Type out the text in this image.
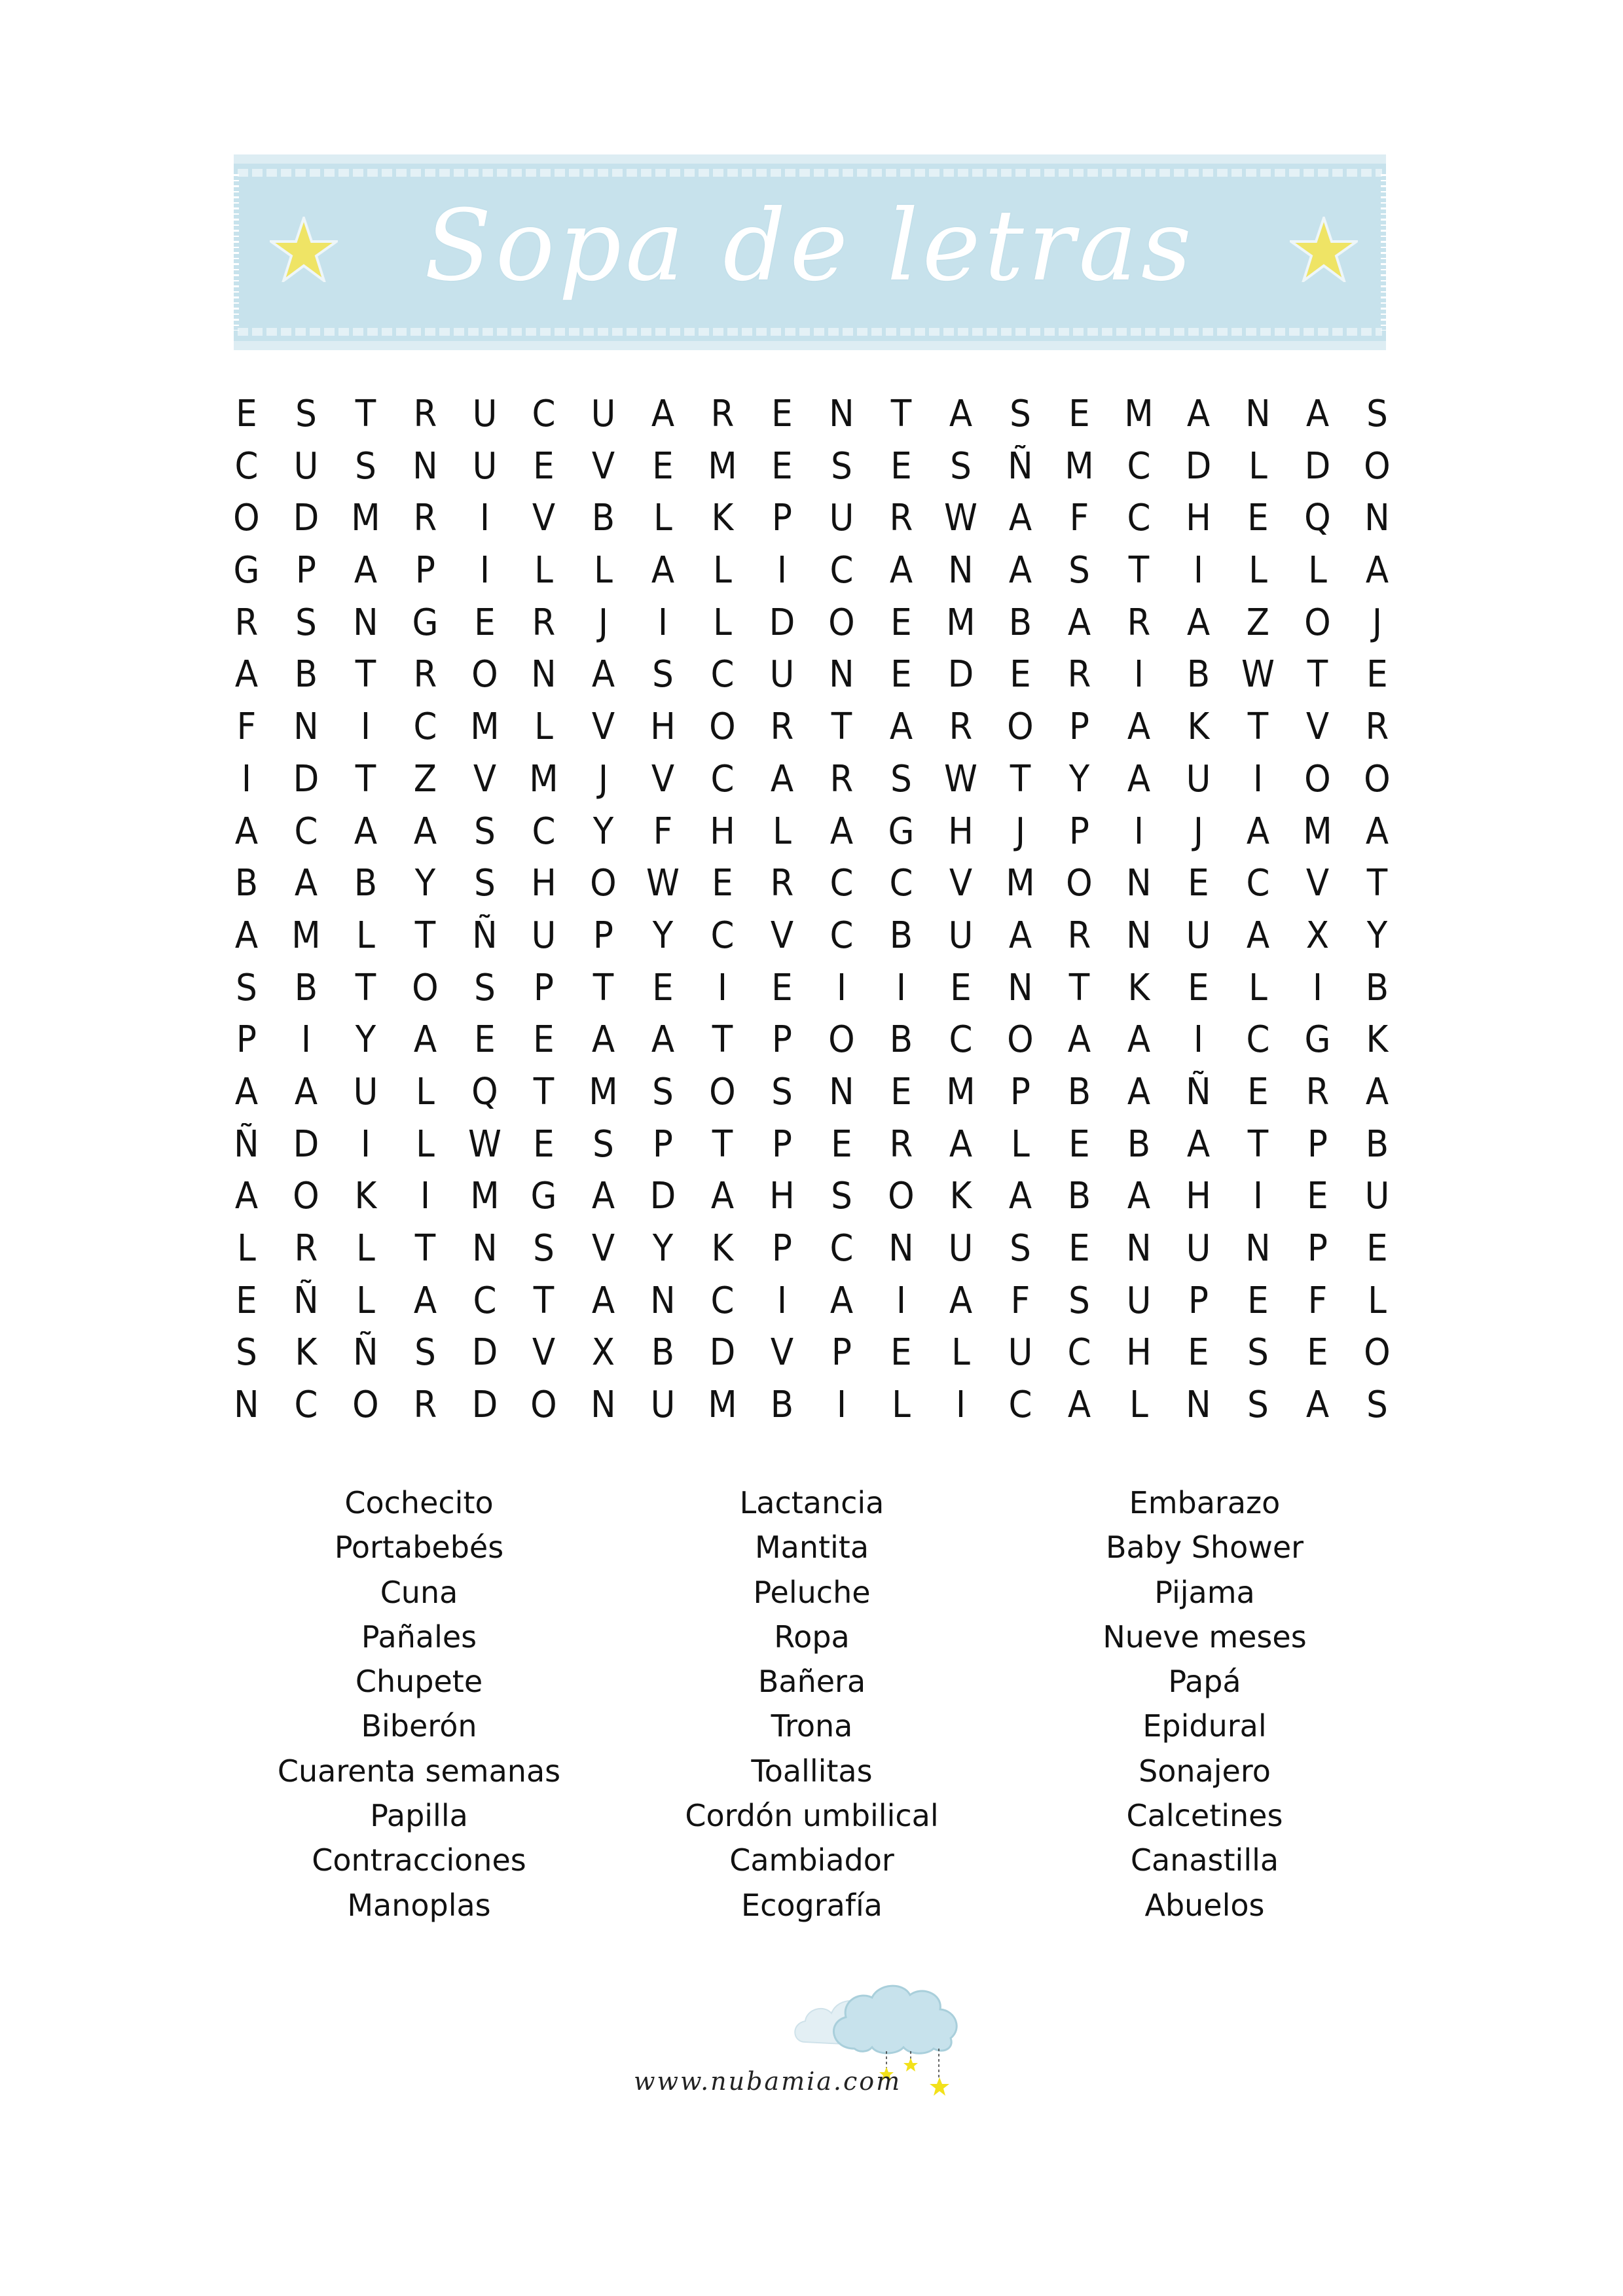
Sopa de letras
E	S	T	R U C U A R	E N T	A	S	E M A N A	S
C U S N U E	V	E M E	S	E	S Ñ M C D	L	D O
O D M R	I	V B	L	K	P	U R W A	F	C H E Q N
G P	A	P	I	L	L	A	L	I	C A N A	S	T	I	L	L	A
R	S N G E	R	J	I	L	D O E M B A R A Z O	J
A B	T	R O N A	S	C U N E D E	R	I	B W T	E
F	N	I	C M L	V H O R	T	A R O P	A	K	T	V R
I	D T	Z V M	J	V C A R	S W T	Y	A U	I	O O
A C A A	S	C	Y	F	H	L	A G H	J	P	I	J	A M A
B A B	Y	S H O W E	R C C V M O N E	C V	T
A M L	T Ñ U	P	Y	C V C B U A R N U A X	Y
S	B	T O S	P	T	E	I	E	I	I	E N T	K	E	L	I	B
P	I	Y	A	E	E	A A	T	P O B C O A A	I	C G K
A A U	L	Q T M S O S N E M P	B A Ñ E	R A
Ñ D	I	L W E	S	P	T	P	E	R A	L	E	B A	T	P	B
A O K	I	M G A D A H S O K	A B A H	I	E U
L	R	L	T N S	V	Y	K	P	C N U S	E N U N	P	E
E Ñ	L	A C	T	A N C	I	A	I	A	F	S U	P	E	F	L
S	K Ñ S D V X B D V	P	E	L	U C H E	S	E O
N C O R D O N U M B	I	L	I	C A	L	N S	A	S
Cochecito
Portabebés
Cuna
Pañales
Chupete
Biberón
Cuarenta semanas
Papilla
Contracciones
Manoplas
Lactancia
Mantita
Peluche
Ropa
Bañera
Trona
Toallitas
Cordón umbilical
Cambiador
Ecografía
Embarazo
Baby Shower
Pijama
Nueve meses
Papá
Epidural
Sonajero
Calcetines
Canastilla
Abuelos
www.nubamia.com
